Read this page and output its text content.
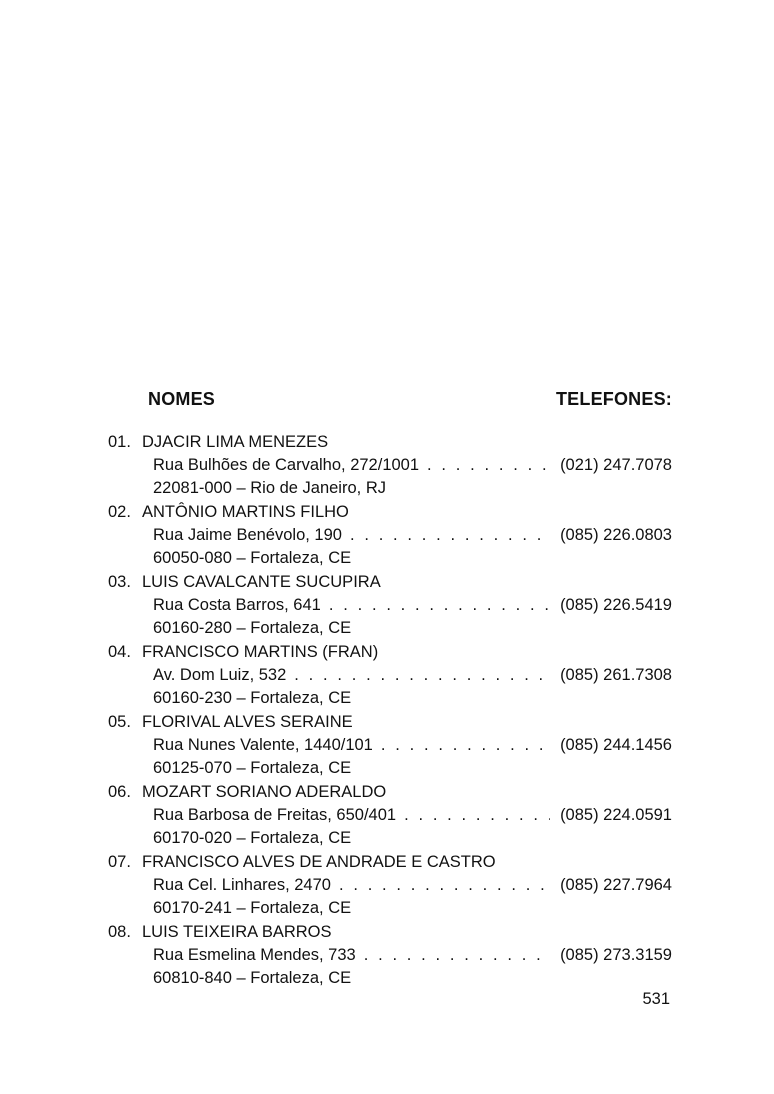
NOMES	TELEFONES:
01. DJACIR LIMA MENEZES
Rua Bulhões de Carvalho, 272/1001 . . .	(021) 247.7078
22081-000 – Rio de Janeiro, RJ
02. ANTÔNIO MARTINS FILHO
Rua Jaime Benévolo, 190 . . .	(085) 226.0803
60050-080 – Fortaleza, CE
03. LUIS CAVALCANTE SUCUPIRA
Rua Costa Barros, 641 . . .	(085) 226.5419
60160-280 – Fortaleza, CE
04. FRANCISCO MARTINS (FRAN)
Av. Dom Luiz, 532 . . .	(085) 261.7308
60160-230 – Fortaleza, CE
05. FLORIVAL ALVES SERAINE
Rua Nunes Valente, 1440/101 . . .	(085) 244.1456
60125-070 – Fortaleza, CE
06. MOZART SORIANO ADERALDO
Rua Barbosa de Freitas, 650/401 . . .	(085) 224.0591
60170-020 – Fortaleza, CE
07. FRANCISCO ALVES DE ANDRADE E CASTRO
Rua Cel. Linhares, 2470 . . .	(085) 227.7964
60170-241 – Fortaleza, CE
08. LUIS TEIXEIRA BARROS
Rua Esmelina Mendes, 733 . . .	(085) 273.3159
60810-840 – Fortaleza, CE
531
